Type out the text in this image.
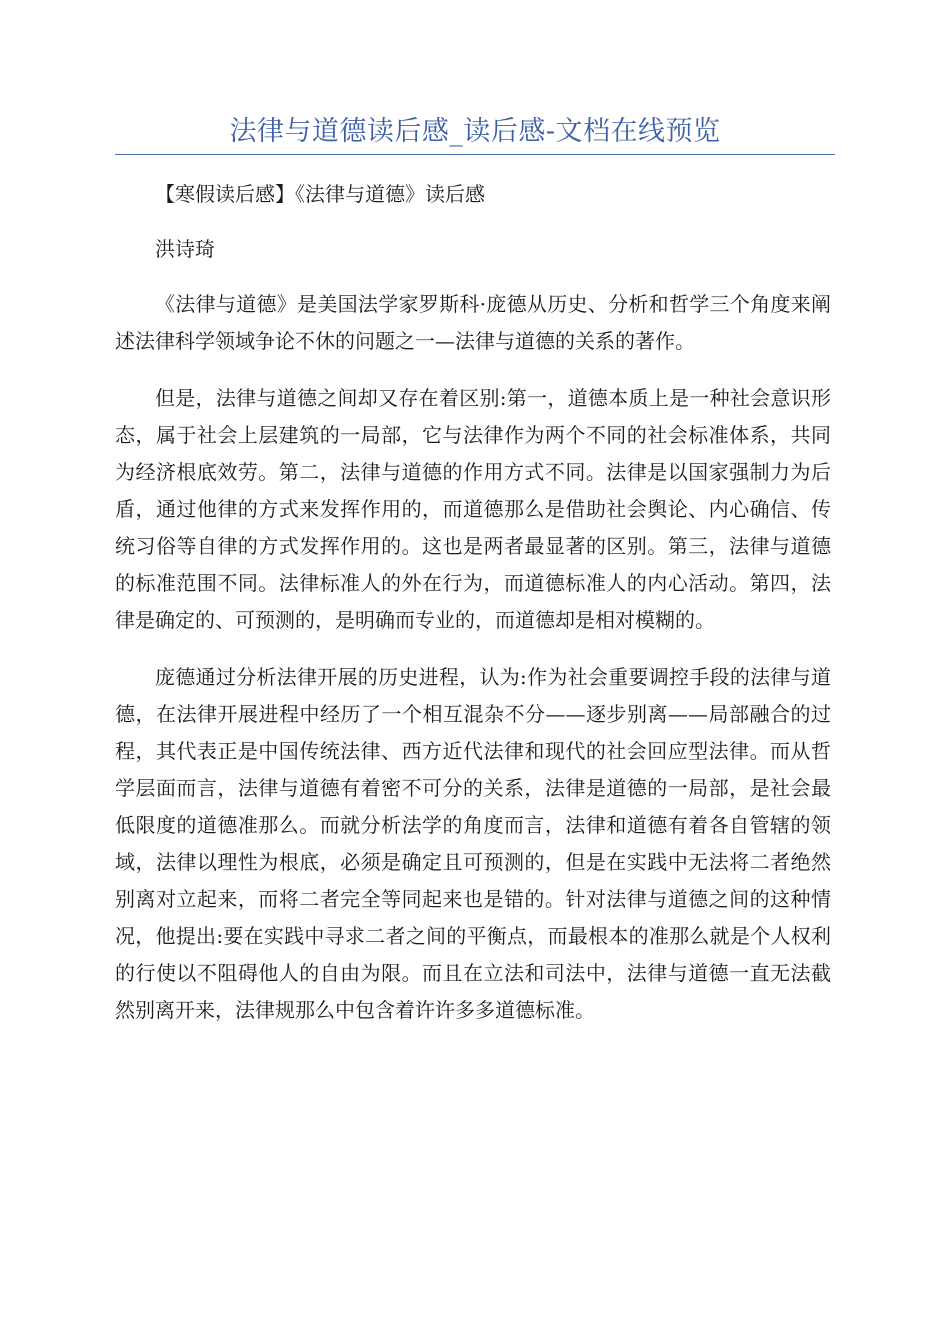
法律与道德读后感_读后感-文档在线预览

【寒假读后感】《法律与道德》读后感

洪诗琦

《法律与道德》是美国法学家罗斯科·庞德从历史、分析和哲学三个角度来阐述法律科学领域争论不休的问题之一—法律与道德的关系的著作。

但是，法律与道德之间却又存在着区别:第一，道德本质上是一种社会意识形态，属于社会上层建筑的一局部，它与法律作为两个不同的社会标准体系，共同为经济根底效劳。第二，法律与道德的作用方式不同。法律是以国家强制力为后盾，通过他律的方式来发挥作用的，而道德那么是借助社会舆论、内心确信、传统习俗等自律的方式发挥作用的。这也是两者最显著的区别。第三，法律与道德的标准范围不同。法律标准人的外在行为，而道德标准人的内心活动。第四，法律是确定的、可预测的，是明确而专业的，而道德却是相对模糊的。

庞德通过分析法律开展的历史进程，认为:作为社会重要调控手段的法律与道德，在法律开展进程中经历了一个相互混杂不分——逐步别离——局部融合的过程，其代表正是中国传统法律、西方近代法律和现代的社会回应型法律。而从哲学层面而言，法律与道德有着密不可分的关系，法律是道德的一局部，是社会最低限度的道德准那么。而就分析法学的角度而言，法律和道德有着各自管辖的领域，法律以理性为根底，必须是确定且可预测的，但是在实践中无法将二者绝然别离对立起来，而将二者完全等同起来也是错的。针对法律与道德之间的这种情况，他提出:要在实践中寻求二者之间的平衡点，而最根本的准那么就是个人权利的行使以不阻碍他人的自由为限。而且在立法和司法中，法律与道德一直无法截然别离开来，法律规那么中包含着许许多多道德标准。
